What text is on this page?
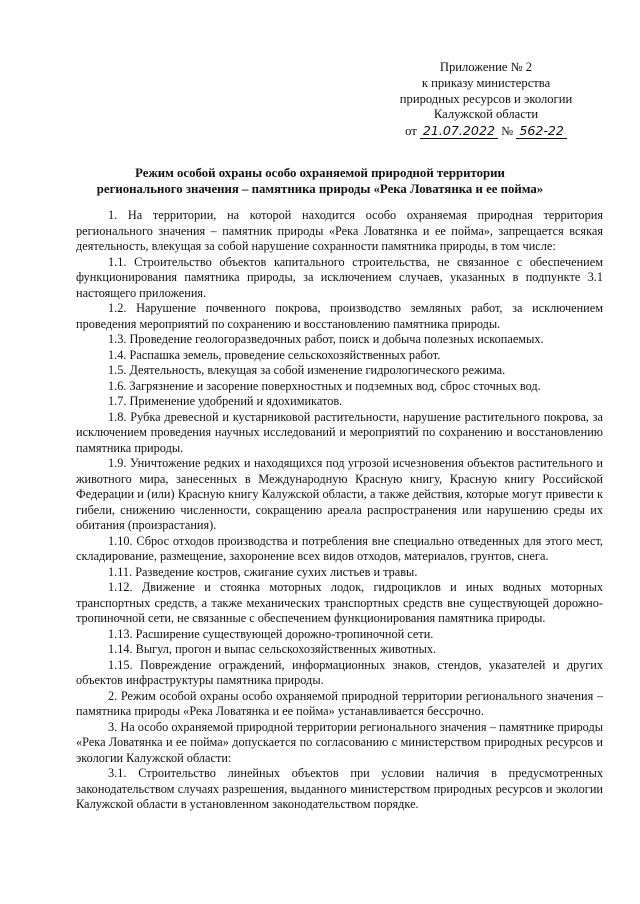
Приложение № 2
к приказу министерства
природных ресурсов и экологии
Калужской области
от 21.07.2022 № 562-22
Режим особой охраны особо охраняемой природной территории
регионального значения – памятника природы «Река Ловатянка и ее пойма»

1. На территории, на которой находится особо охраняемая природная территория регионального значения – памятник природы «Река Ловатянка и ее пойма», запрещается всякая деятельность, влекущая за собой нарушение сохранности памятника природы, в том числе:

1.1. Строительство объектов капитального строительства, не связанное с обеспечением функционирования памятника природы, за исключением случаев, указанных в подпункте 3.1 настоящего приложения.

1.2. Нарушение почвенного покрова, производство земляных работ, за исключением проведения мероприятий по сохранению и восстановлению памятника природы.

1.3. Проведение геологоразведочных работ, поиск и добыча полезных ископаемых.

1.4. Распашка земель, проведение сельскохозяйственных работ.

1.5. Деятельность, влекущая за собой изменение гидрологического режима.

1.6. Загрязнение и засорение поверхностных и подземных вод, сброс сточных вод.

1.7. Применение удобрений и ядохимикатов.

1.8. Рубка древесной и кустарниковой растительности, нарушение растительного покрова, за исключением проведения научных исследований и мероприятий по сохранению и восстановлению памятника природы.

1.9. Уничтожение редких и находящихся под угрозой исчезновения объектов растительного и животного мира, занесенных в Международную Красную книгу, Красную книгу Российской Федерации и (или) Красную книгу Калужской области, а также действия, которые могут привести к гибели, снижению численности, сокращению ареала распространения или нарушению среды их обитания (произрастания).

1.10. Сброс отходов производства и потребления вне специально отведенных для этого мест, складирование, размещение, захоронение всех видов отходов, материалов, грунтов, снега.

1.11. Разведение костров, сжигание сухих листьев и травы.

1.12. Движение и стоянка моторных лодок, гидроциклов и иных водных моторных транспортных средств, а также механических транспортных средств вне существующей дорожно-тропиночной сети, не связанные с обеспечением функционирования памятника природы.

1.13. Расширение существующей дорожно-тропиночной сети.

1.14. Выгул, прогон и выпас сельскохозяйственных животных.

1.15. Повреждение ограждений, информационных знаков, стендов, указателей и других объектов инфраструктуры памятника природы.

2. Режим особой охраны особо охраняемой природной территории регионального значения – памятника природы «Река Ловатянка и ее пойма» устанавливается бессрочно.

3. На особо охраняемой природной территории регионального значения – памятнике природы «Река Ловатянка и ее пойма» допускается по согласованию с министерством природных ресурсов и экологии Калужской области:

3.1. Строительство линейных объектов при условии наличия в предусмотренных законодательством случаях разрешения, выданного министерством природных ресурсов и экологии Калужской области в установленном законодательством порядке.
